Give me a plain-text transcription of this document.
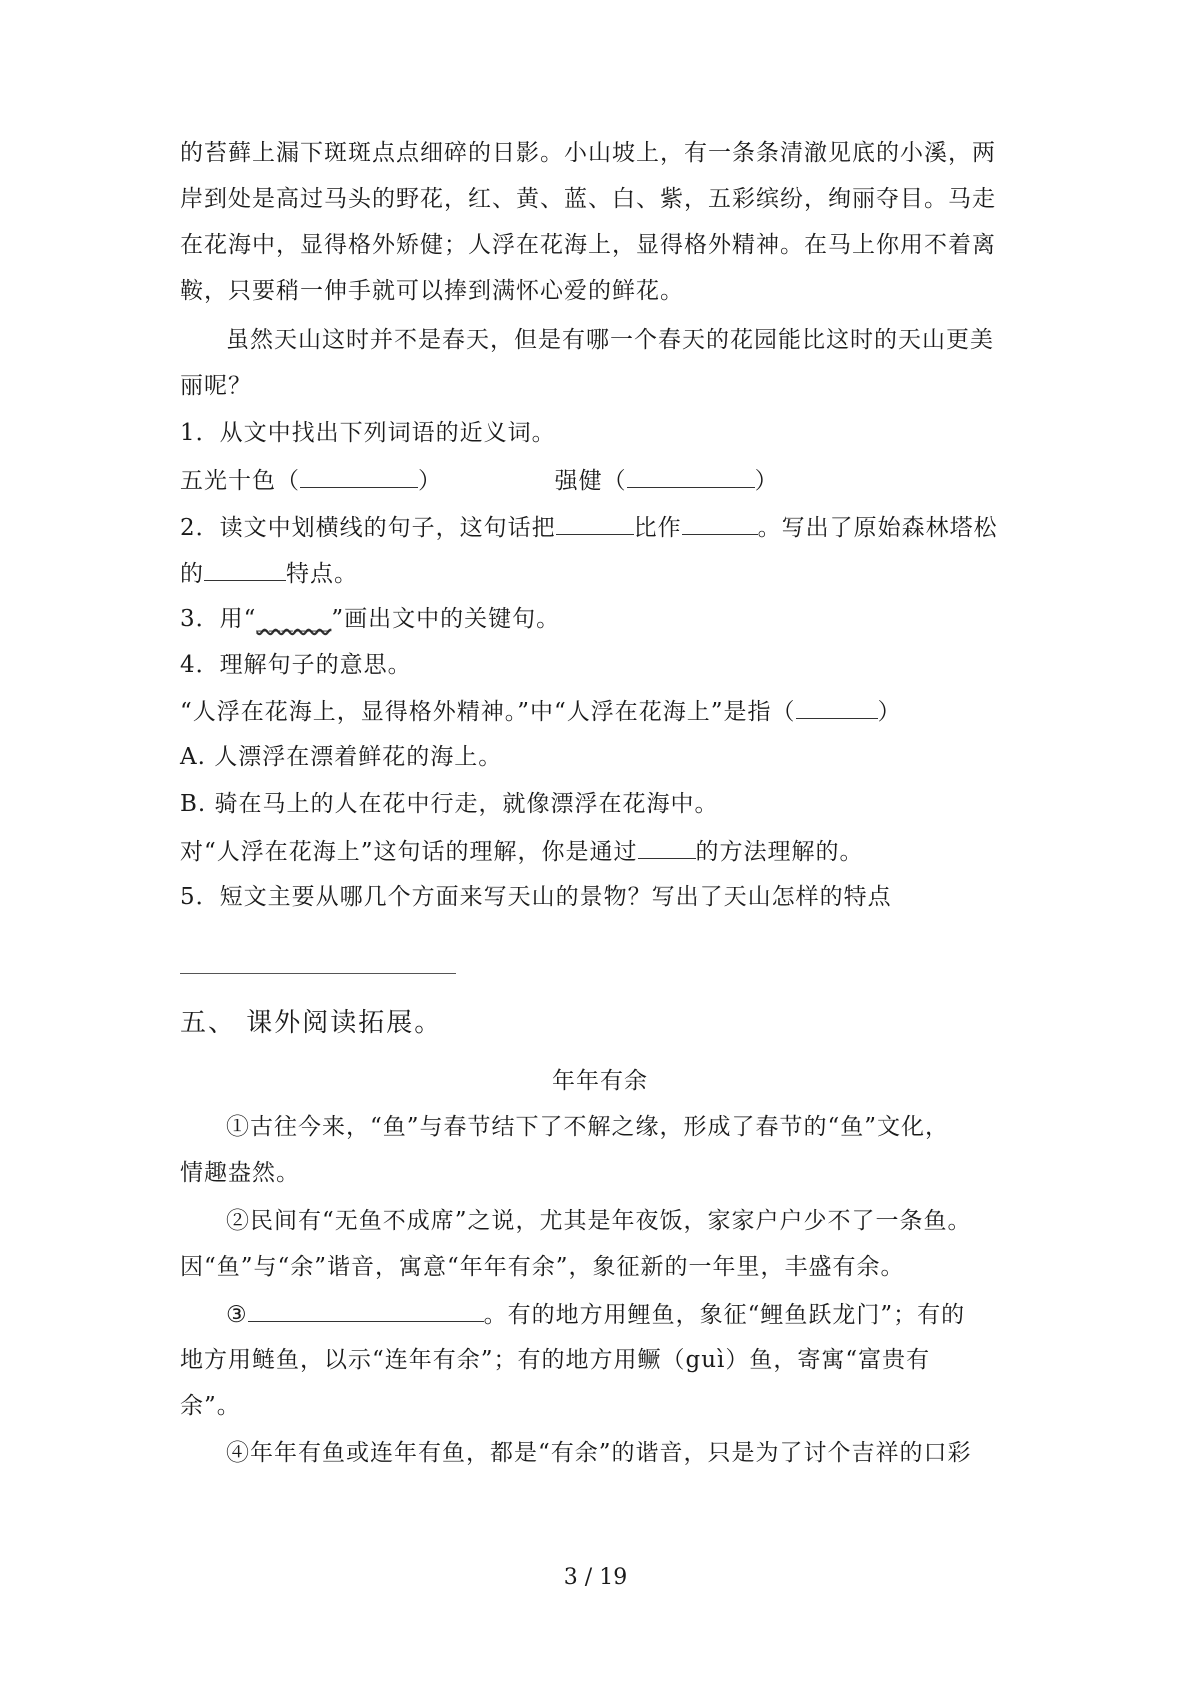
的苔藓上漏下斑斑点点细碎的日影。小山坡上，有一条条清澈见底的小溪，两
岸到处是高过马头的野花，红、黄、蓝、白、紫，五彩缤纷，绚丽夺目。马走
在花海中，显得格外矫健；人浮在花海上，显得格外精神。在马上你用不着离
鞍，只要稍一伸手就可以捧到满怀心爱的鲜花。
虽然天山这时并不是春天，但是有哪一个春天的花园能比这时的天山更美
丽呢？
1．从文中找出下列词语的近义词。
五光十色（	）	强健（	）
2．读文中划横线的句子，这句话把	比作	。写出了原始森林塔松
的	特点。
3．用“______”画出文中的关键句。
4．理解句子的意思。
“人浮在花海上，显得格外精神。”中“人浮在花海上”是指（	）
A. 人漂浮在漂着鲜花的海上。
B. 骑在马上的人在花中行走，就像漂浮在花海中。
对“人浮在花海上”这句话的理解，你是通过	的方法理解的。
5．短文主要从哪几个方面来写天山的景物？写出了天山怎样的特点
五、 课外阅读拓展。
年年有余
①古往今来，“鱼”与春节结下了不解之缘，形成了春节的“鱼”文化，
情趣盎然。
②民间有“无鱼不成席”之说，尤其是年夜饭，家家户户少不了一条鱼。
因“鱼”与“余”谐音，寓意“年年有余”，象征新的一年里，丰盛有余。
③	。有的地方用鲤鱼，象征“鲤鱼跃龙门”；有的
地方用鲢鱼，以示“连年有余”；有的地方用鳜（guì）鱼，寄寓“富贵有
余”。
④年年有鱼或连年有鱼，都是“有余”的谐音，只是为了讨个吉祥的口彩
3 / 19
